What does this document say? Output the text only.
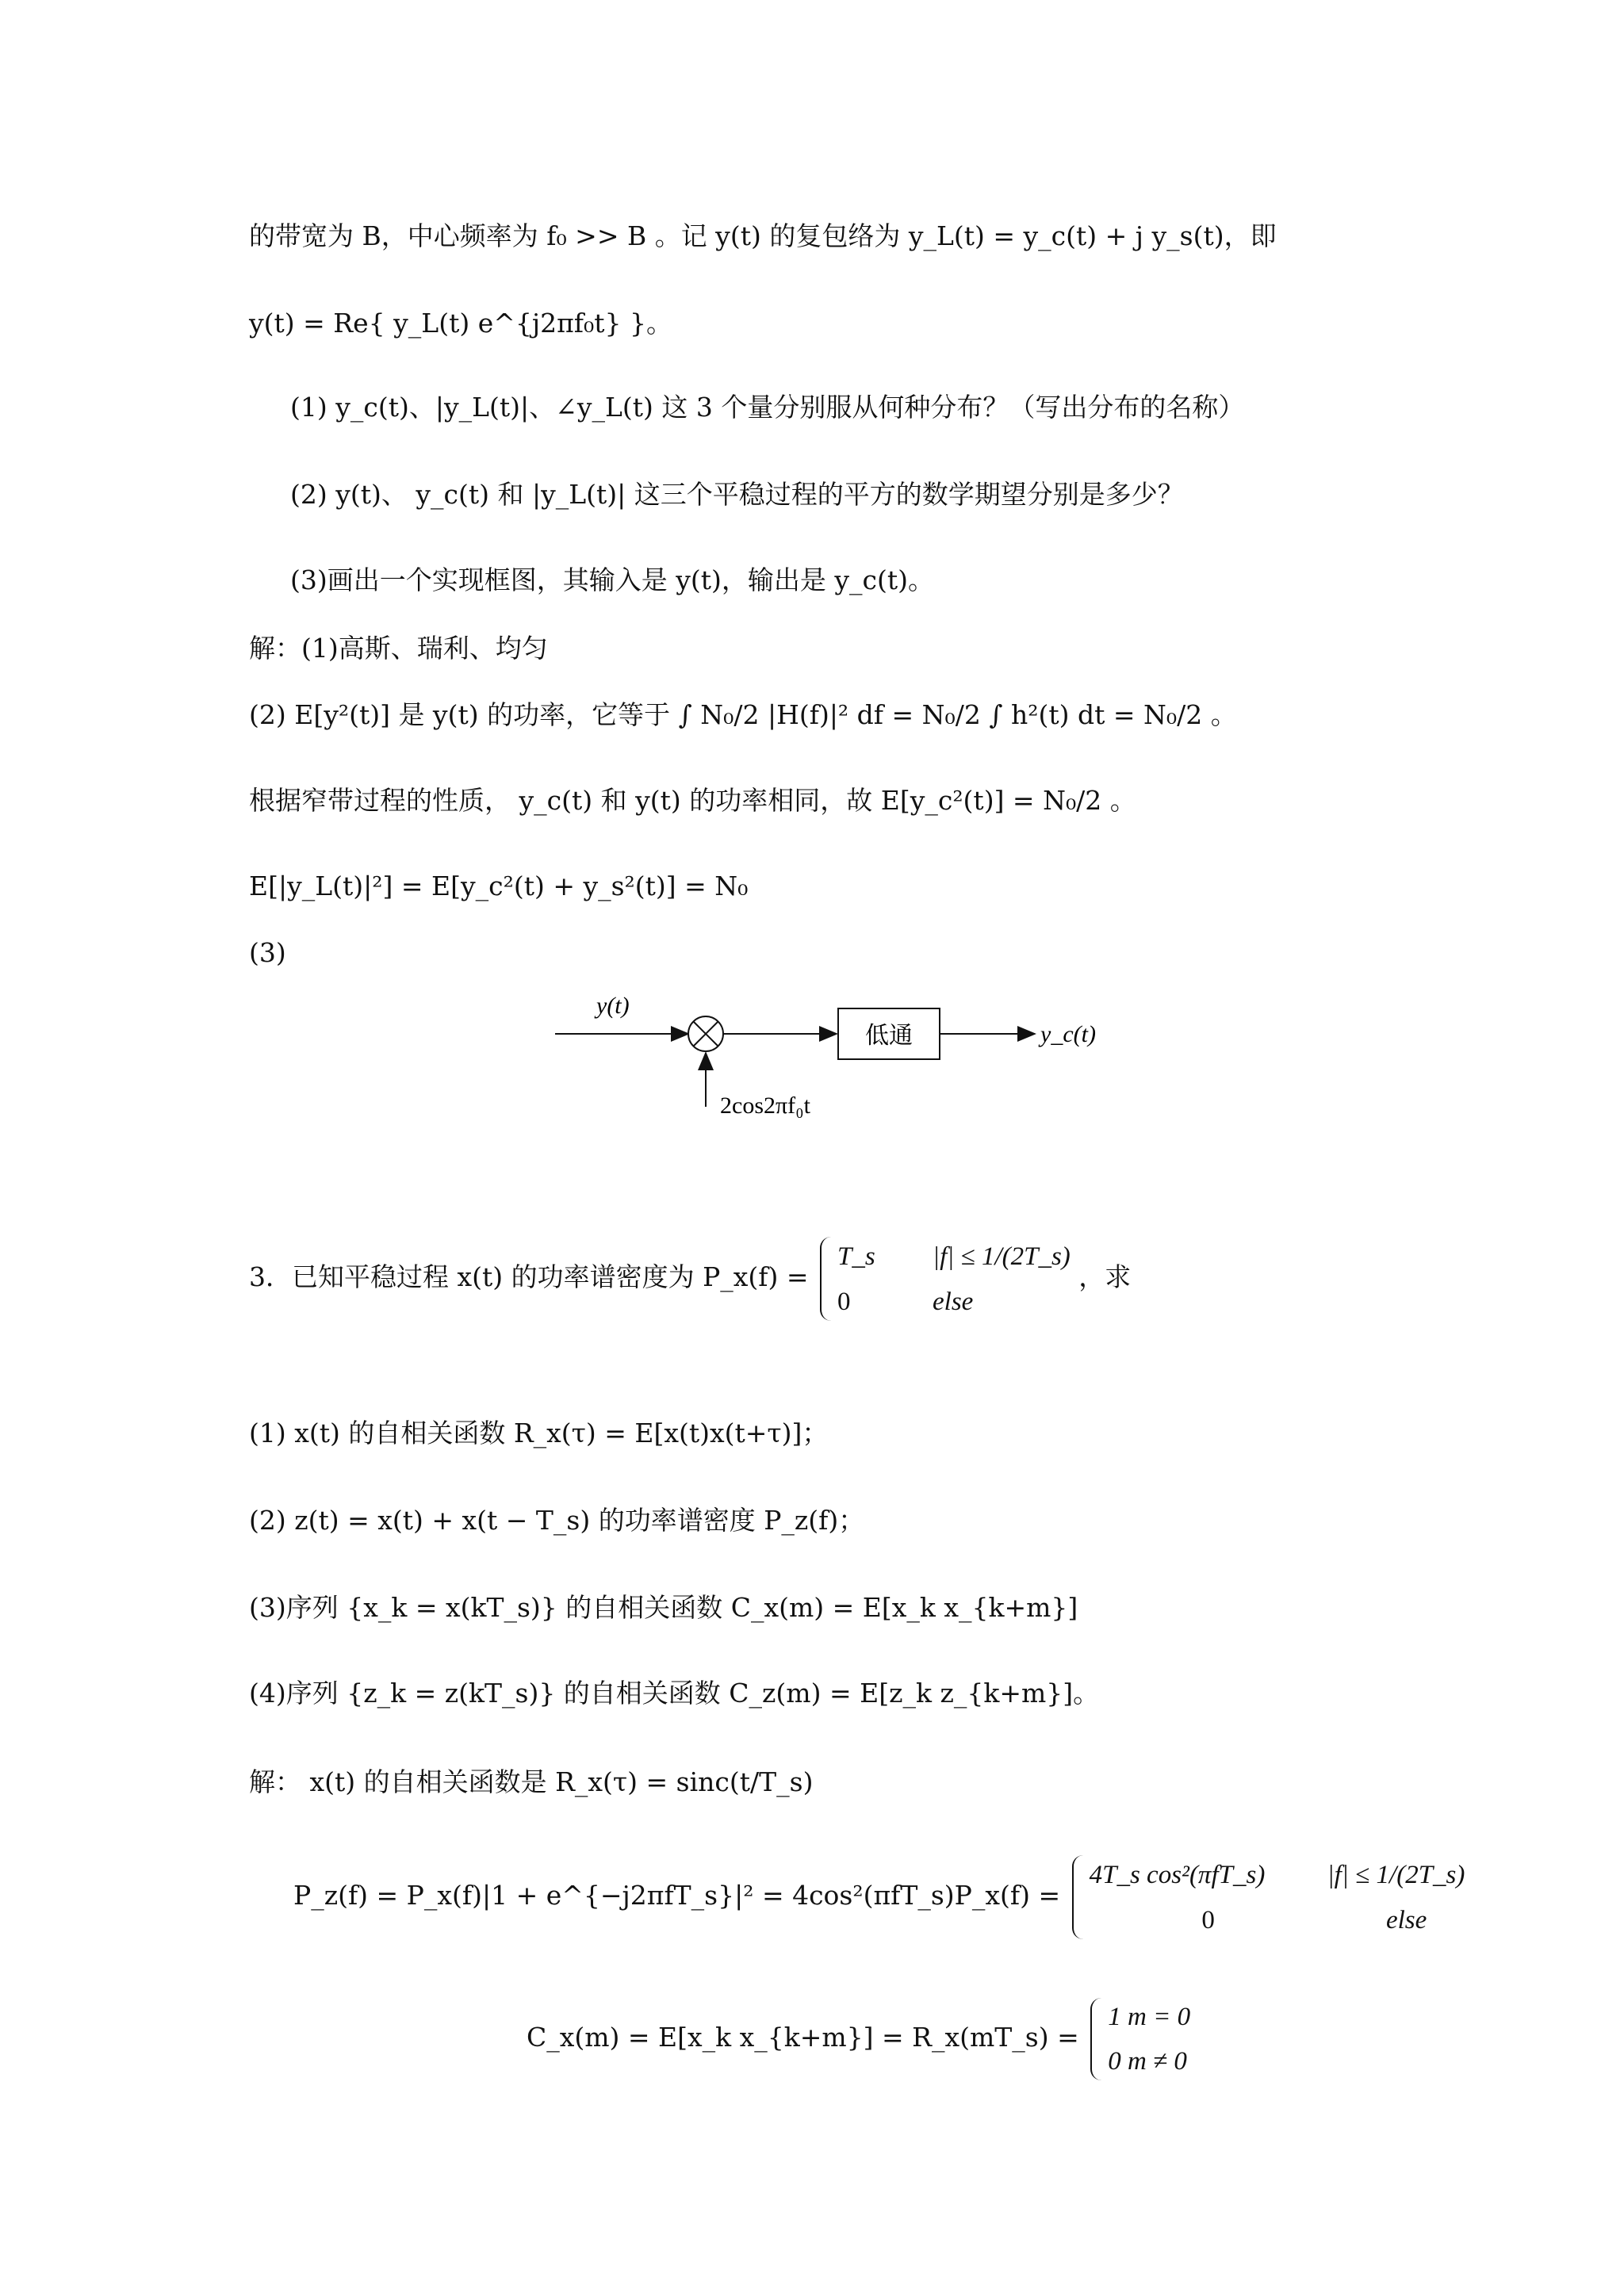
的带宽为 B，中心频率为 f₀ >> B 。记 y(t) 的复包络为 y_L(t) = y_c(t) + j y_s(t)，即
y(t) = Re{ y_L(t) e^{j2πf₀t} }。
(1) y_c(t)、|y_L(t)|、∠y_L(t) 这 3 个量分别服从何种分布？（写出分布的名称）
(2) y(t)、 y_c(t) 和 |y_L(t)| 这三个平稳过程的平方的数学期望分别是多少？
(3)画出一个实现框图，其输入是 y(t)，输出是 y_c(t)。
解：(1)高斯、瑞利、均匀
(2) E[y²(t)] 是 y(t) 的功率，它等于 ∫ N₀/2 |H(f)|² df = N₀/2 ∫ h²(t) dt = N₀/2 。
根据窄带过程的性质， y_c(t) 和 y(t) 的功率相同，故 E[y_c²(t)] = N₀/2 。
E[|y_L(t)|²] = E[y_c²(t) + y_s²(t)] = N₀
(3)
y(t)
低通	y_c(t)
2cos2πf₀t
3．已知平稳过程 x(t) 的功率谱密度为 P_x(f) =
T_s |f| ≤ 1/(2T_s)
0	else
，求
(1) x(t) 的自相关函数 R_x(τ) = E[x(t)x(t+τ)]；
(2) z(t) = x(t) + x(t − T_s) 的功率谱密度 P_z(f)；
(3)序列 {x_k = x(kT_s)} 的自相关函数 C_x(m) = E[x_k x_{k+m}]
(4)序列 {z_k = z(kT_s)} 的自相关函数 C_z(m) = E[z_k z_{k+m}]。
解： x(t) 的自相关函数是 R_x(τ) = sinc(t/T_s)
P_z(f) = P_x(f)|1 + e^{−j2πfT_s}|² = 4cos²(πfT_s)P_x(f) =
4T_s cos²(πfT_s) |f| ≤ 1/(2T_s)
0	else
C_x(m) = E[x_k x_{k+m}] = R_x(mT_s) =
1 m = 0
0 m ≠ 0
